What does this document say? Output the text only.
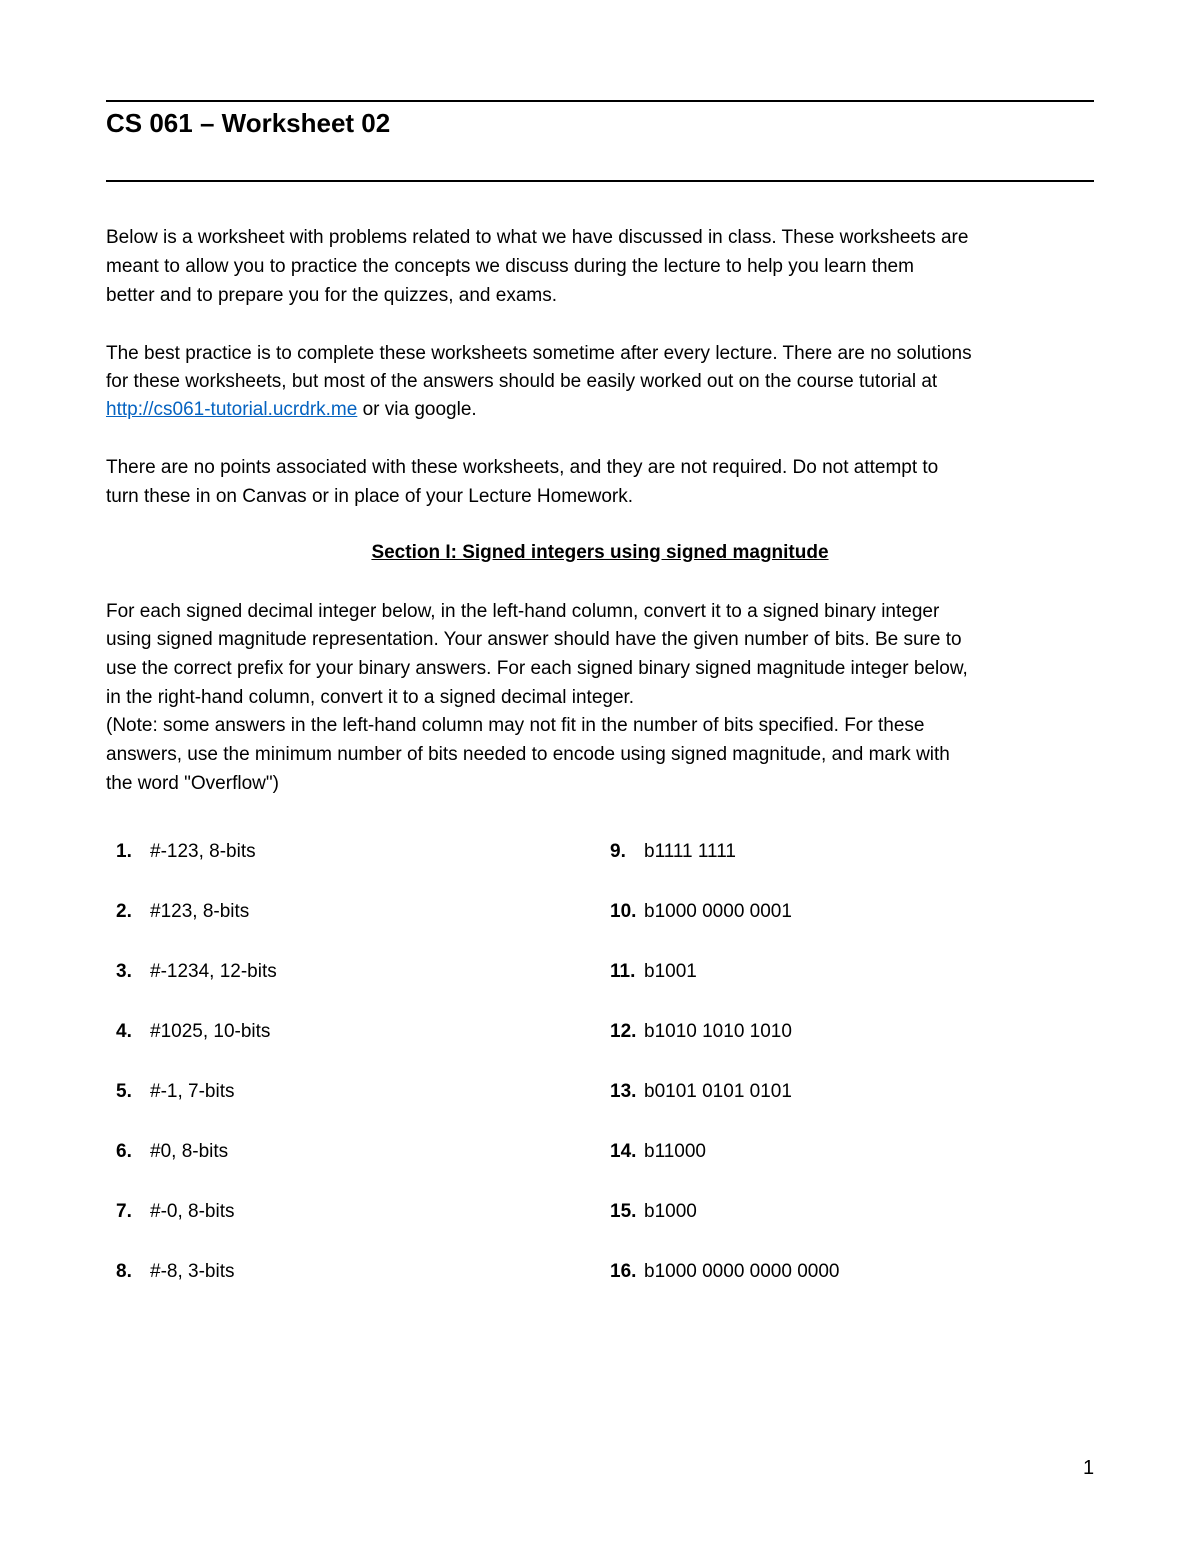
CS 061 – Worksheet 02
Below is a worksheet with problems related to what we have discussed in class. These worksheets are
meant to allow you to practice the concepts we discuss during the lecture to help you learn them
better and to prepare you for the quizzes, and exams.
The best practice is to complete these worksheets sometime after every lecture. There are no solutions
for these worksheets, but most of the answers should be easily worked out on the course tutorial at
http://cs061-tutorial.ucrdrk.me or via google.
There are no points associated with these worksheets, and they are not required. Do not attempt to
turn these in on Canvas or in place of your Lecture Homework.
Section I: Signed integers using signed magnitude
For each signed decimal integer below, in the left-hand column, convert it to a signed binary integer
using signed magnitude representation. Your answer should have the given number of bits. Be sure to
use the correct prefix for your binary answers. For each signed binary signed magnitude integer below,
in the right-hand column, convert it to a signed decimal integer.
(Note: some answers in the left-hand column may not fit in the number of bits specified. For these
answers, use the minimum number of bits needed to encode using signed magnitude, and mark with
the word "Overflow")
1. #-123, 8-bits
2. #123, 8-bits
3. #-1234, 12-bits
4. #1025, 10-bits
5. #-1, 7-bits
6. #0, 8-bits
7. #-0, 8-bits
8. #-8, 3-bits
9. b1111 1111
10. b1000 0000 0001
11. b1001
12. b1010 1010 1010
13. b0101 0101 0101
14. b11000
15. b1000
16. b1000 0000 0000 0000
1
